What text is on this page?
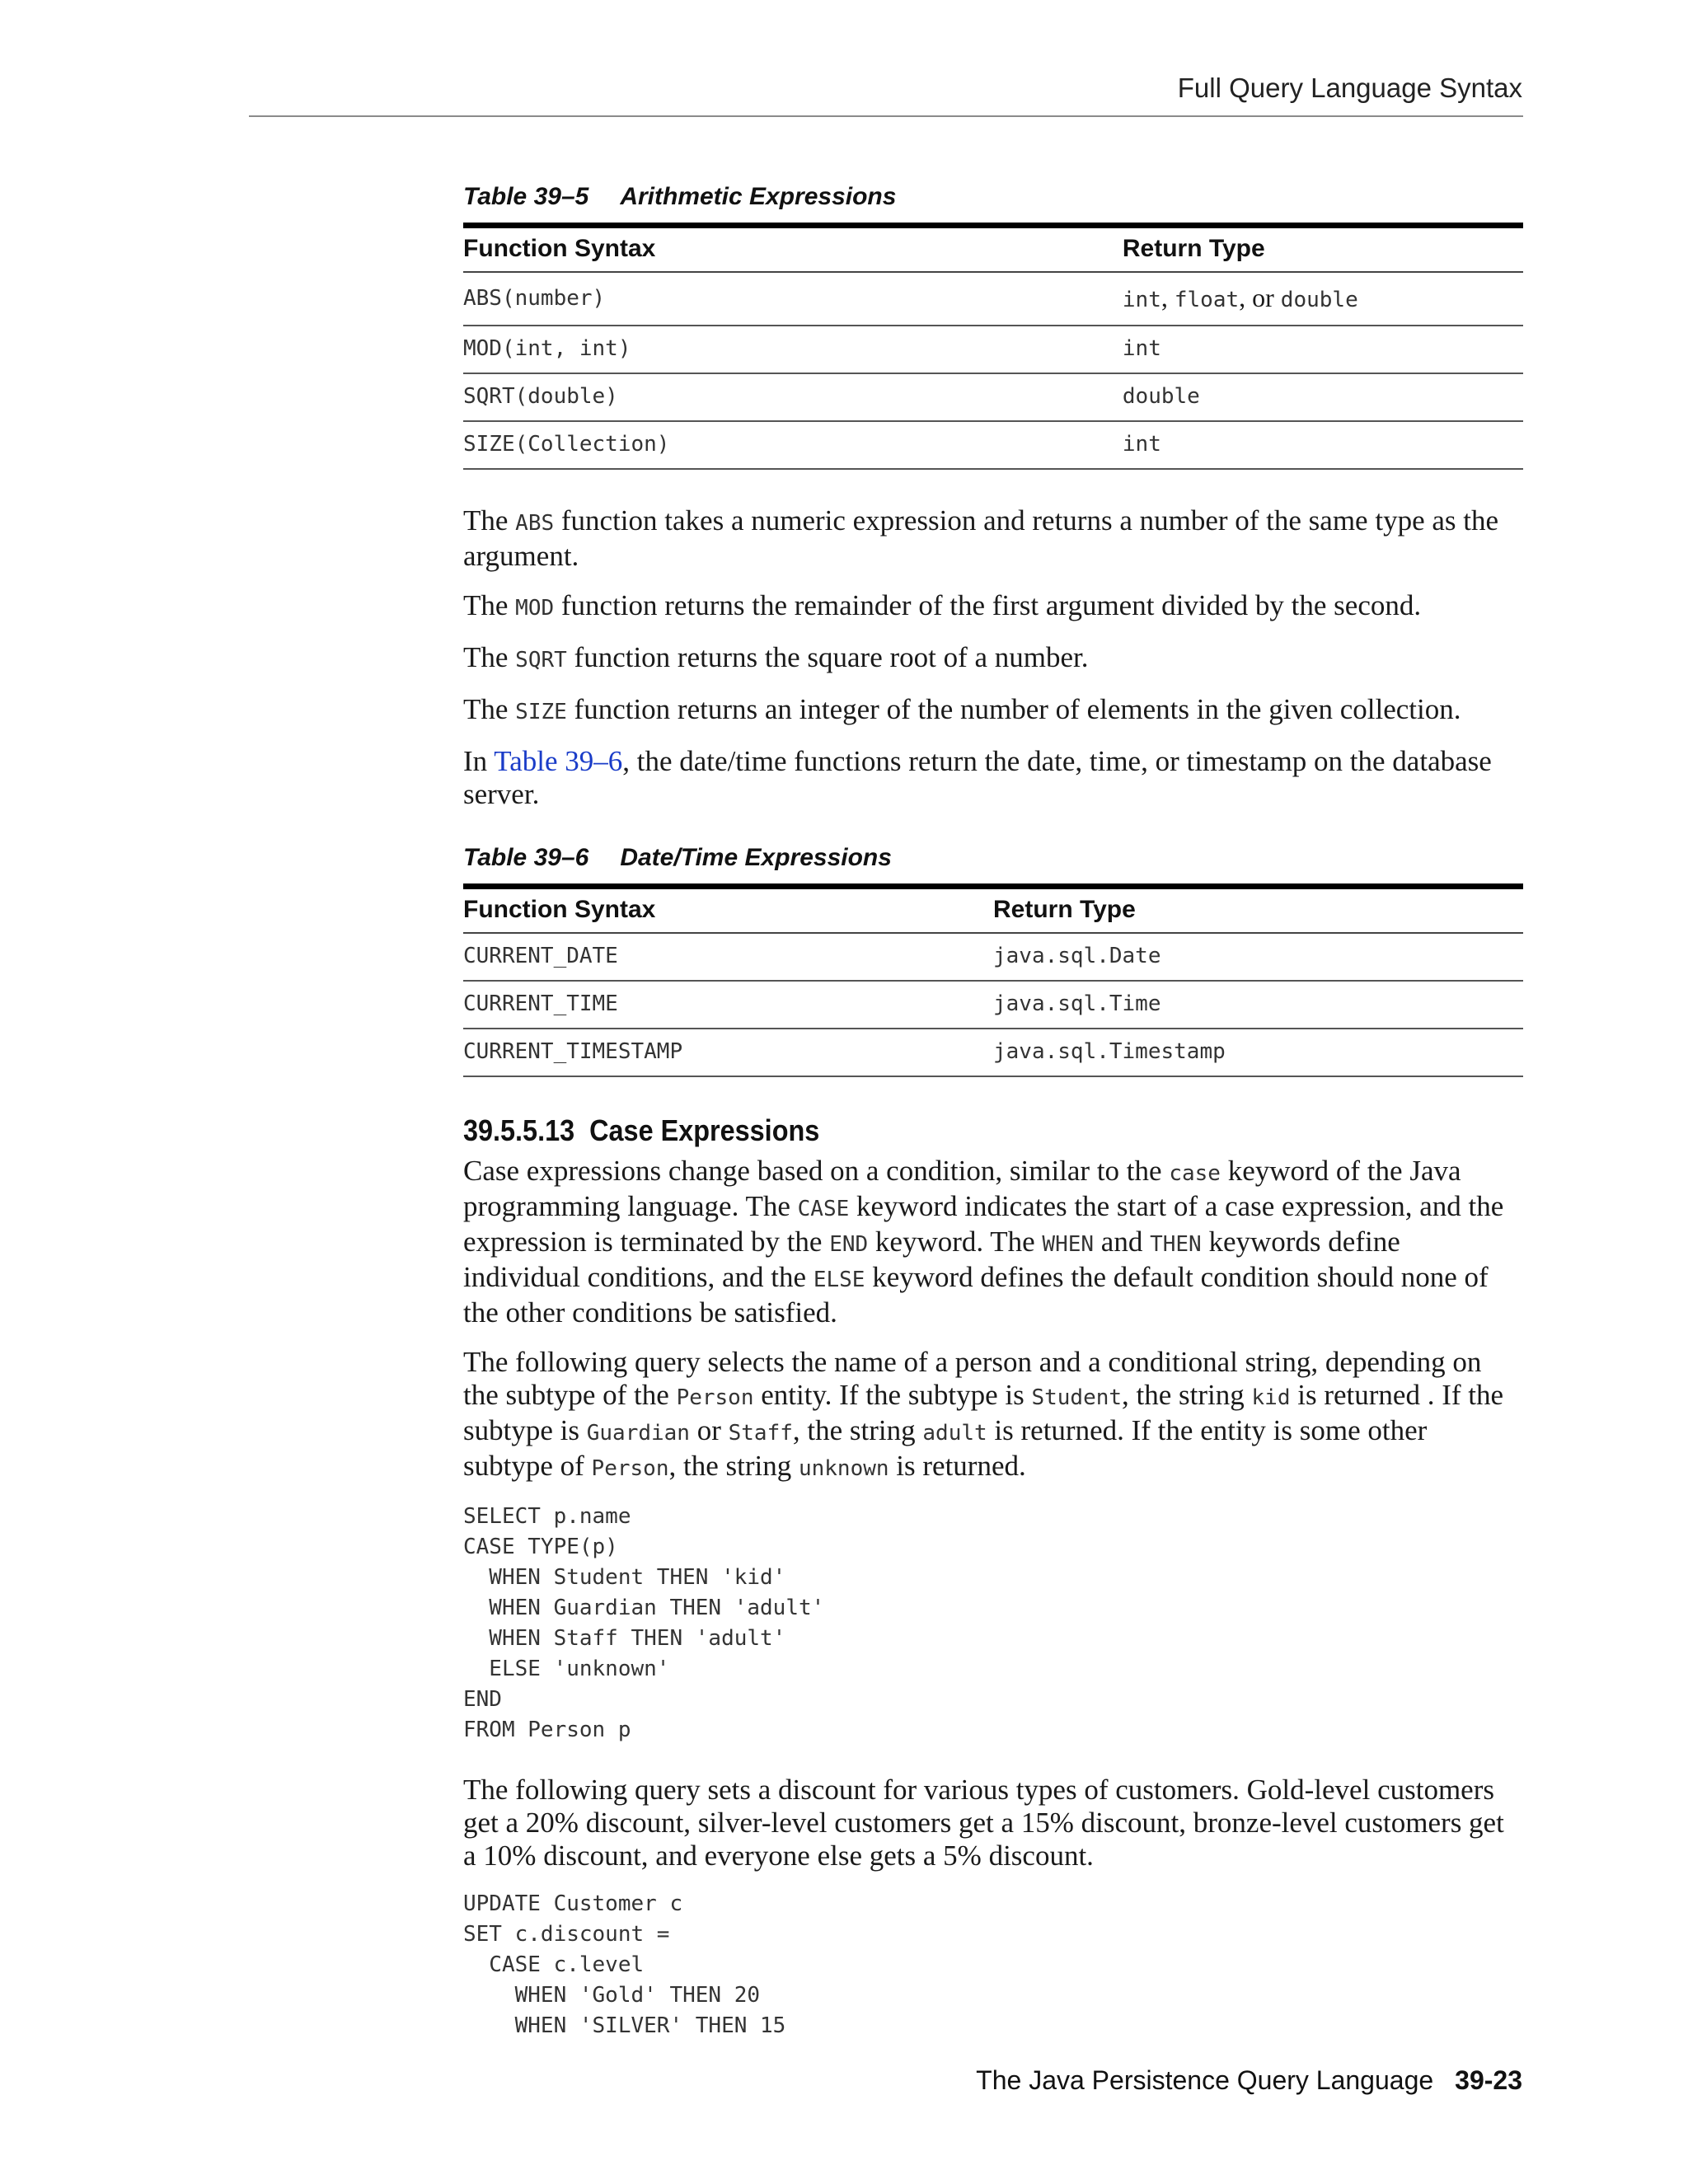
Full Query Language Syntax
Table 39–5 Arithmetic Expressions
Function Syntax	Return Type
ABS(number)	int, float, or double
MOD(int, int)	int
SQRT(double)	double
SIZE(Collection)	int

The ABS function takes a numeric expression and returns a number of the same type as the argument.

The MOD function returns the remainder of the first argument divided by the second.

The SQRT function returns the square root of a number.

The SIZE function returns an integer of the number of elements in the given collection.

In Table 39–6, the date/time functions return the date, time, or timestamp on the database server.

Table 39–6 Date/Time Expressions
Function Syntax	Return Type
CURRENT_DATE	java.sql.Date
CURRENT_TIME	java.sql.Time
CURRENT_TIMESTAMP	java.sql.Timestamp
39.5.5.13 Case Expressions

Case expressions change based on a condition, similar to the case keyword of the Java programming language. The CASE keyword indicates the start of a case expression, and the expression is terminated by the END keyword. The WHEN and THEN keywords define individual conditions, and the ELSE keyword defines the default condition should none of the other conditions be satisfied.

The following query selects the name of a person and a conditional string, depending on the subtype of the Person entity. If the subtype is Student, the string kid is returned . If the subtype is Guardian or Staff, the string adult is returned. If the entity is some other subtype of Person, the string unknown is returned.

SELECT p.name
CASE TYPE(p)
WHEN Student THEN 'kid'
WHEN Guardian THEN 'adult'
WHEN Staff THEN 'adult'
ELSE 'unknown'
END
FROM Person p

The following query sets a discount for various types of customers. Gold-level customers get a 20% discount, silver-level customers get a 15% discount, bronze-level customers get a 10% discount, and everyone else gets a 5% discount.

UPDATE Customer c
SET c.discount =
CASE c.level
WHEN 'Gold' THEN 20
WHEN 'SILVER' THEN 15
The Java Persistence Query Language 39-23
